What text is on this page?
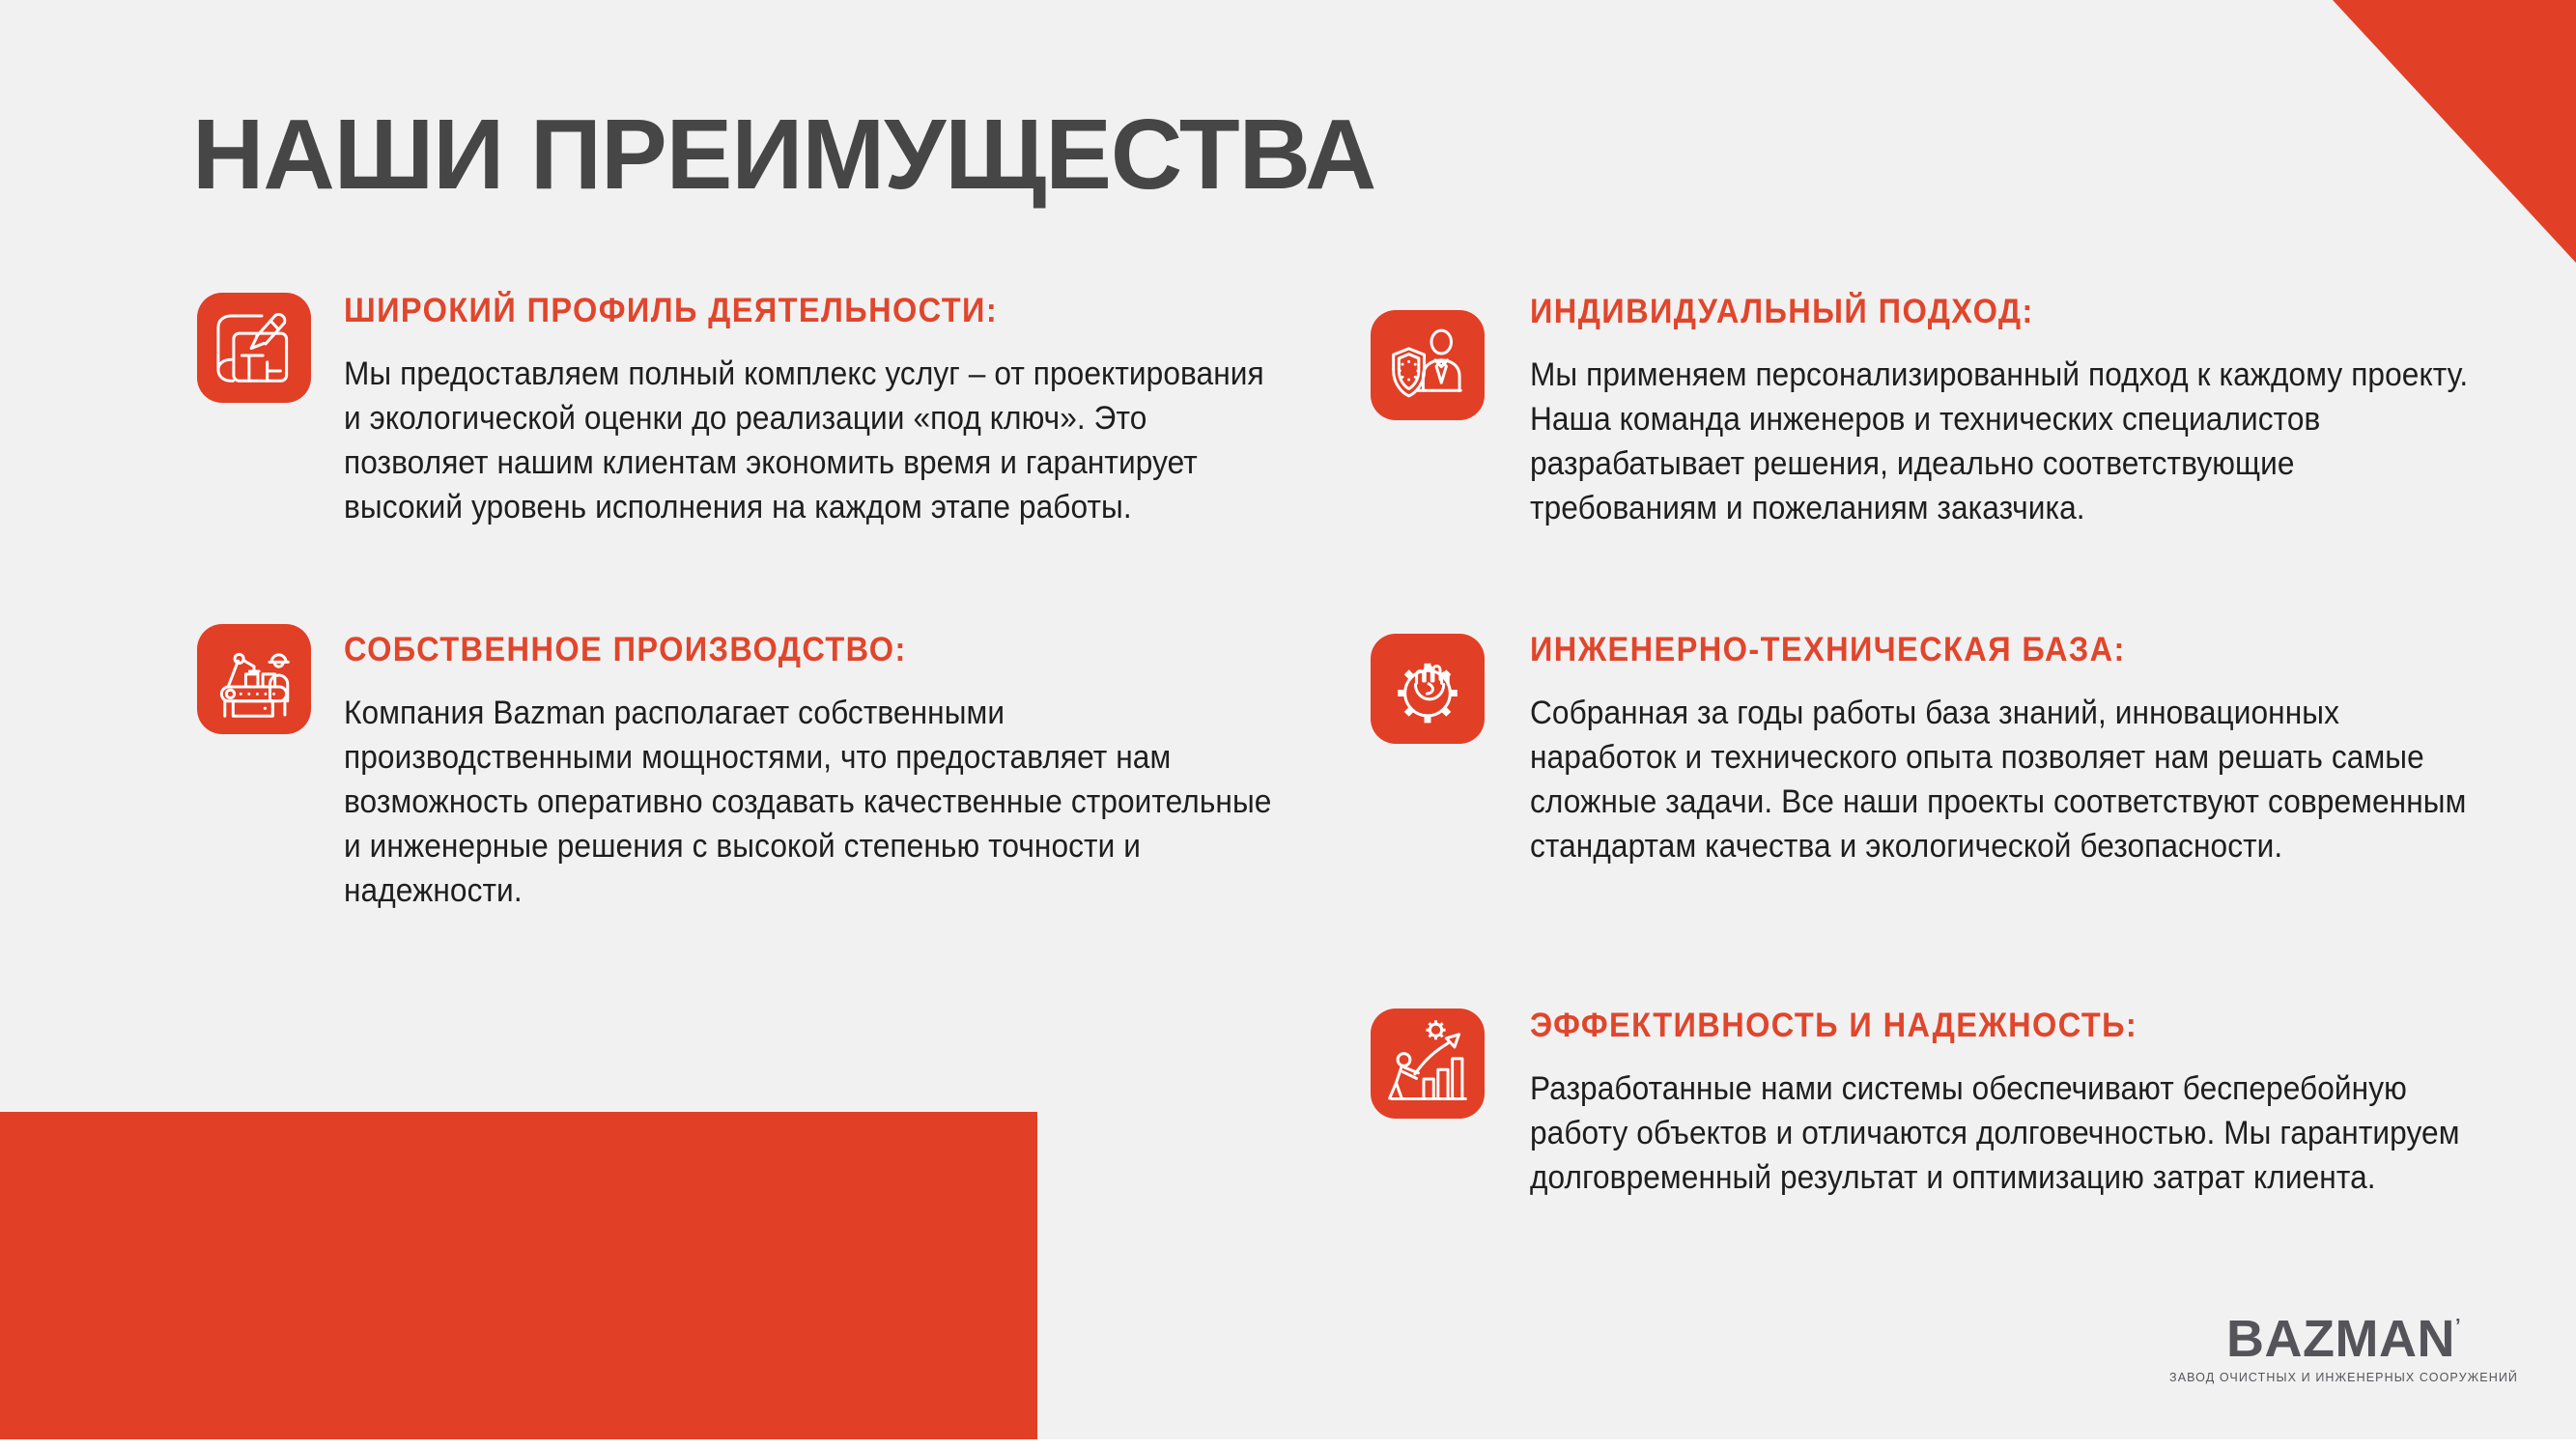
НАШИ ПРЕИМУЩЕСТВА
ШИРОКИЙ ПРОФИЛЬ ДЕЯТЕЛЬНОСТИ:

Мы предоставляем полный комплекс услуг – от проектирования и экологической оценки до реализации «под ключ». Это позволяет нашим клиентам экономить время и гарантирует высокий уровень исполнения на каждом этапе работы.

СОБСТВЕННОЕ ПРОИЗВОДСТВО:

Компания Bazman располагает собственными производственными мощностями, что предоставляет нам возможность оперативно создавать качественные строительные и инженерные решения с высокой степенью точности и надежности.

ИНДИВИДУАЛЬНЫЙ ПОДХОД:

Мы применяем персонализированный подход к каждому проекту. Наша команда инженеров и технических специалистов разрабатывает решения, идеально соответствующие требованиям и пожеланиям заказчика.

ИНЖЕНЕРНО-ТЕХНИЧЕСКАЯ БАЗА:

Собранная за годы работы база знаний, инновационных наработок и технического опыта позволяет нам решать самые сложные задачи. Все наши проекты соответствуют современным стандартам качества и экологической безопасности.

ЭФФЕКТИВНОСТЬ И НАДЕЖНОСТЬ:

Разработанные нами системы обеспечивают бесперебойную работу объектов и отличаются долговечностью. Мы гарантируем долговременный результат и оптимизацию затрат клиента.

BAZMAN’
ЗАВОД ОЧИСТНЫХ И ИНЖЕНЕРНЫХ СООРУЖЕНИЙ
